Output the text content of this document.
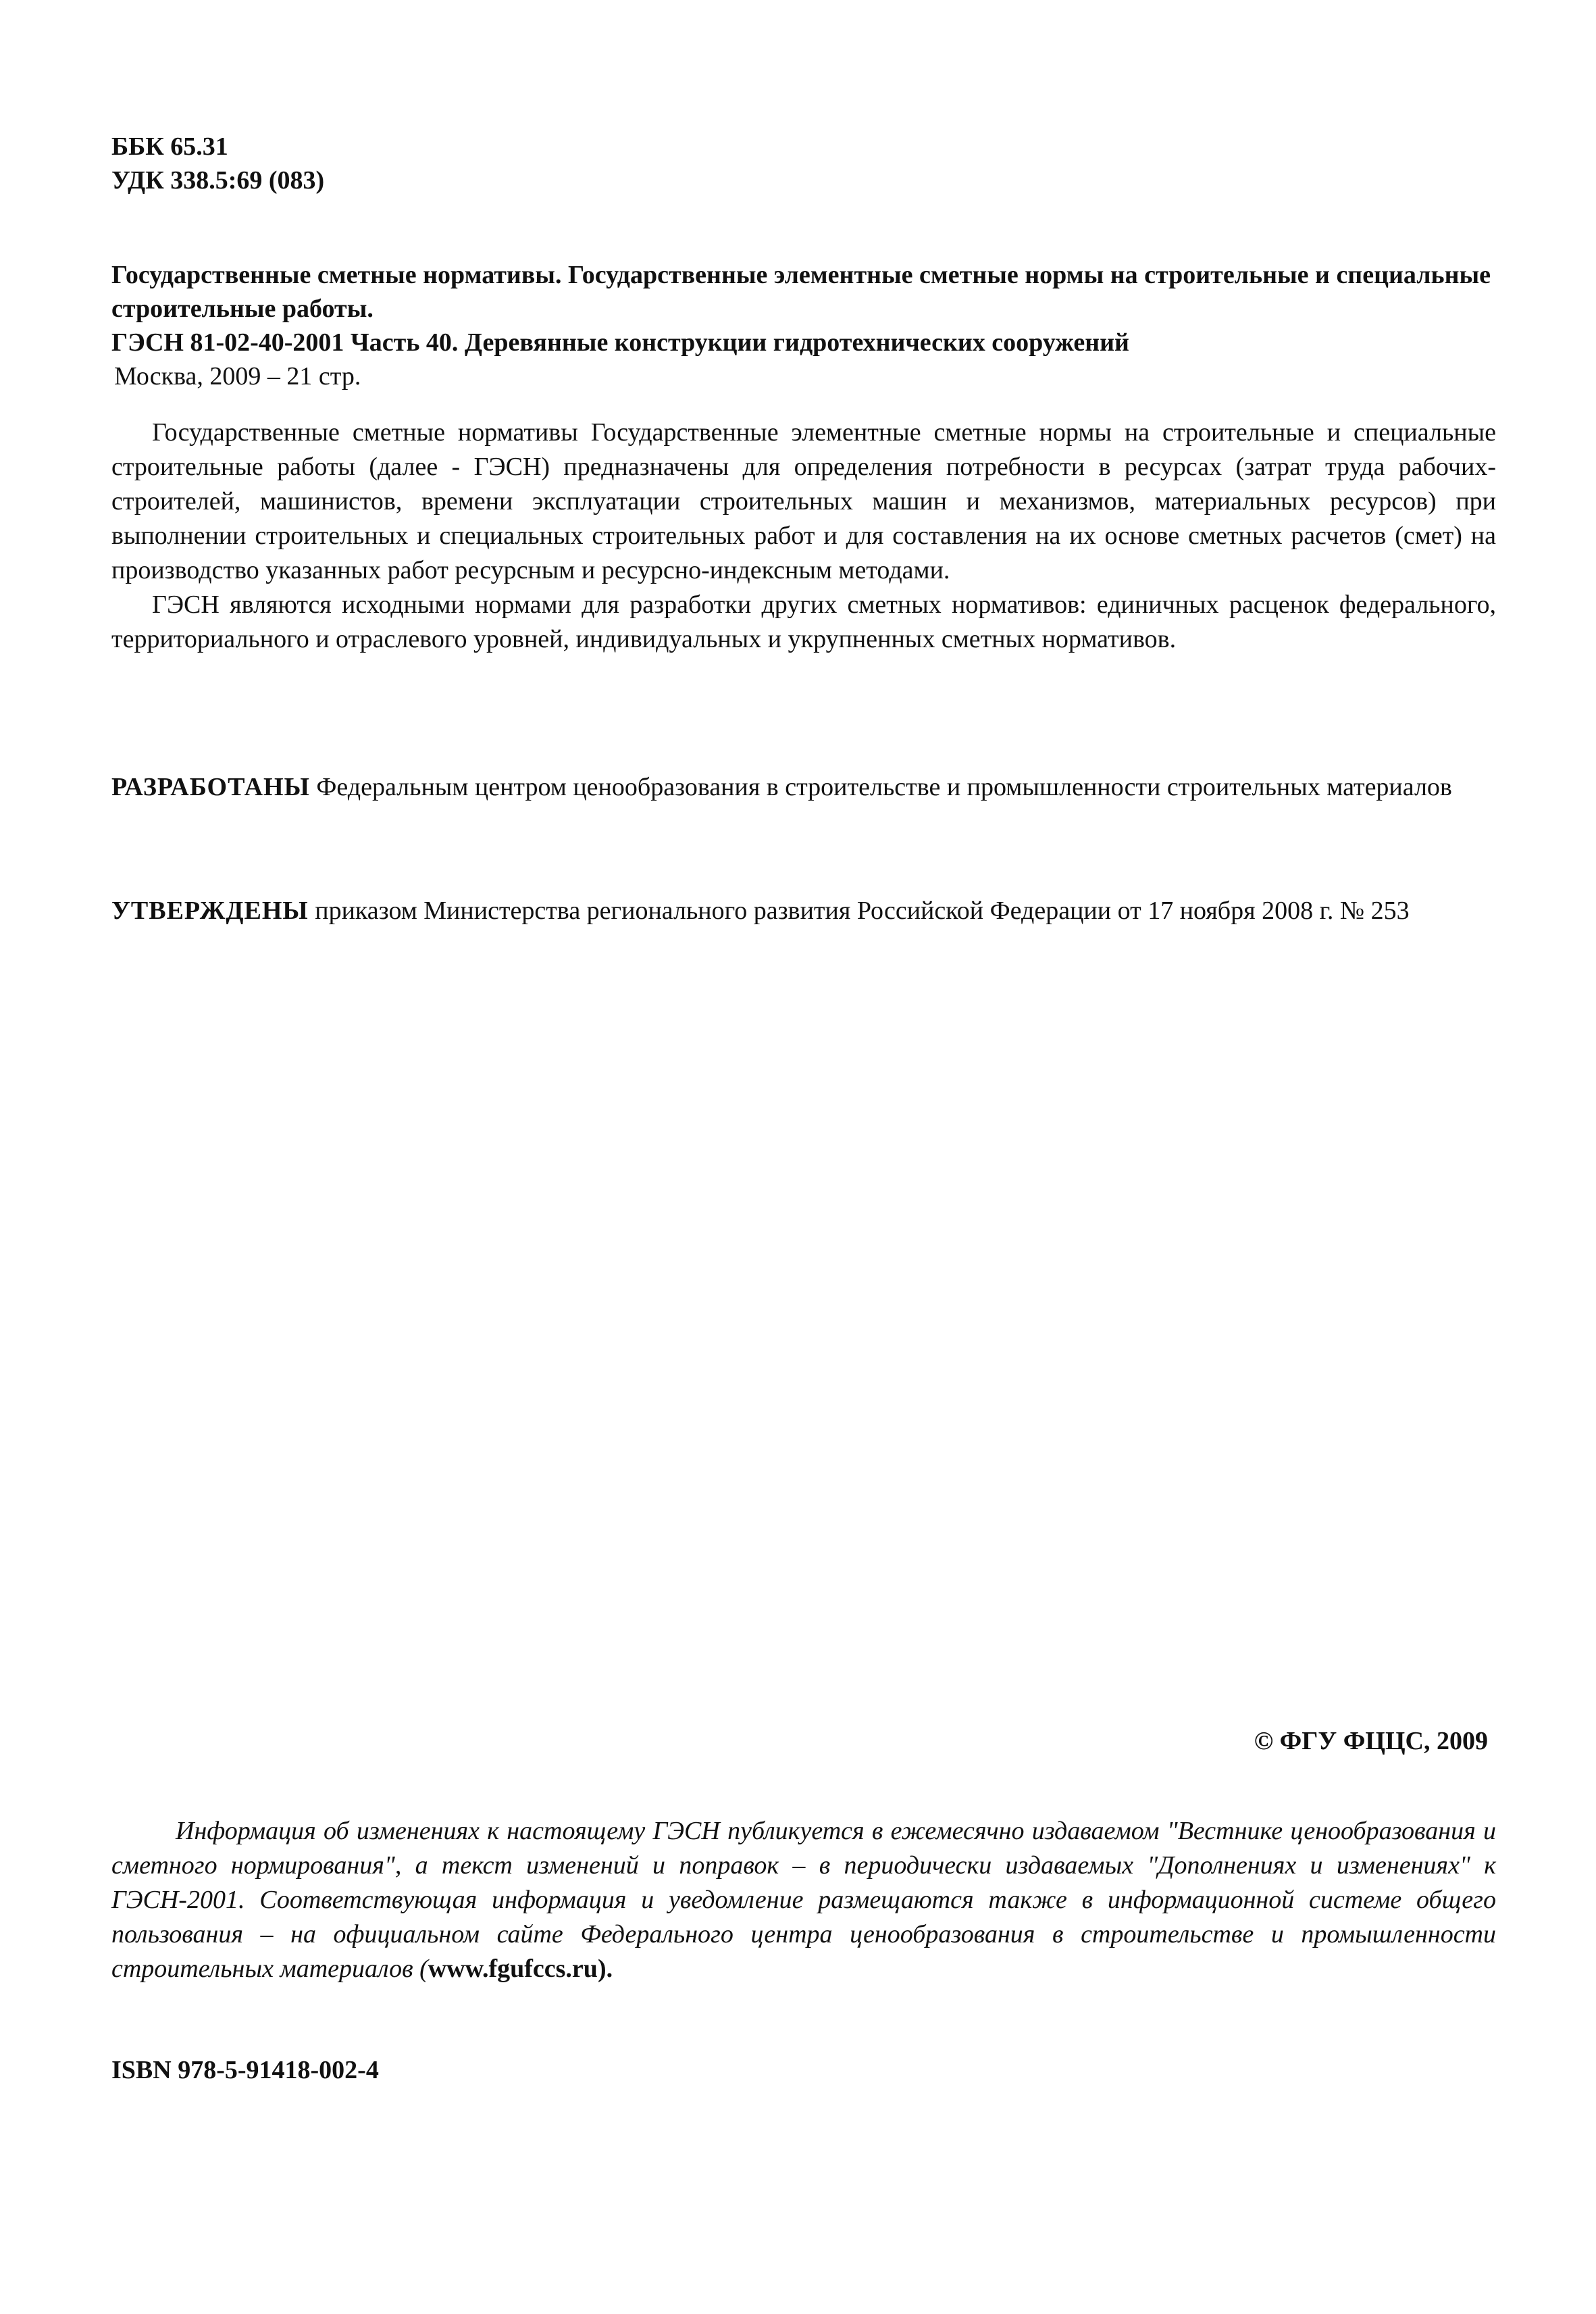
ББК 65.31
УДК 338.5:69 (083)
Государственные сметные нормативы. Государственные элементные сметные нормы на строительные и специальные строительные работы.
ГЭСН 81-02-40-2001 Часть 40. Деревянные конструкции гидротехнических сооружений
Москва, 2009 – 21 стр.

Государственные сметные нормативы Государственные элементные сметные нормы на строительные и специальные строительные работы (далее - ГЭСН) предназначены для определения потребности в ресурсах (затрат труда рабочих-строителей, машинистов, времени эксплуатации строительных машин и механизмов, материальных ресурсов) при выполнении строительных и специальных строительных работ и для составления на их основе сметных расчетов (смет) на производство указанных работ ресурсным и ресурсно-индексным методами.

ГЭСН являются исходными нормами для разработки других сметных нормативов: единичных расценок федерального, территориального и отраслевого уровней, индивидуальных и укрупненных сметных нормативов.

РАЗРАБОТАНЫ Федеральным центром ценообразования в строительстве и промышленности строительных материалов
УТВЕРЖДЕНЫ приказом Министерства регионального развития Российской Федерации от 17 ноября 2008 г. № 253
© ФГУ ФЦЦС, 2009

Информация об изменениях к настоящему ГЭСН публикуется в ежемесячно издаваемом "Вестнике ценообразования и сметного нормирования", а текст изменений и поправок – в периодически издаваемых "Дополнениях и изменениях" к ГЭСН-2001. Соответствующая информация и уведомление размещаются также в информационной системе общего пользования – на официальном сайте Федерального центра ценообразования в строительстве и промышленности строительных материалов (www.fgufccs.ru).

ISBN 978-5-91418-002-4
